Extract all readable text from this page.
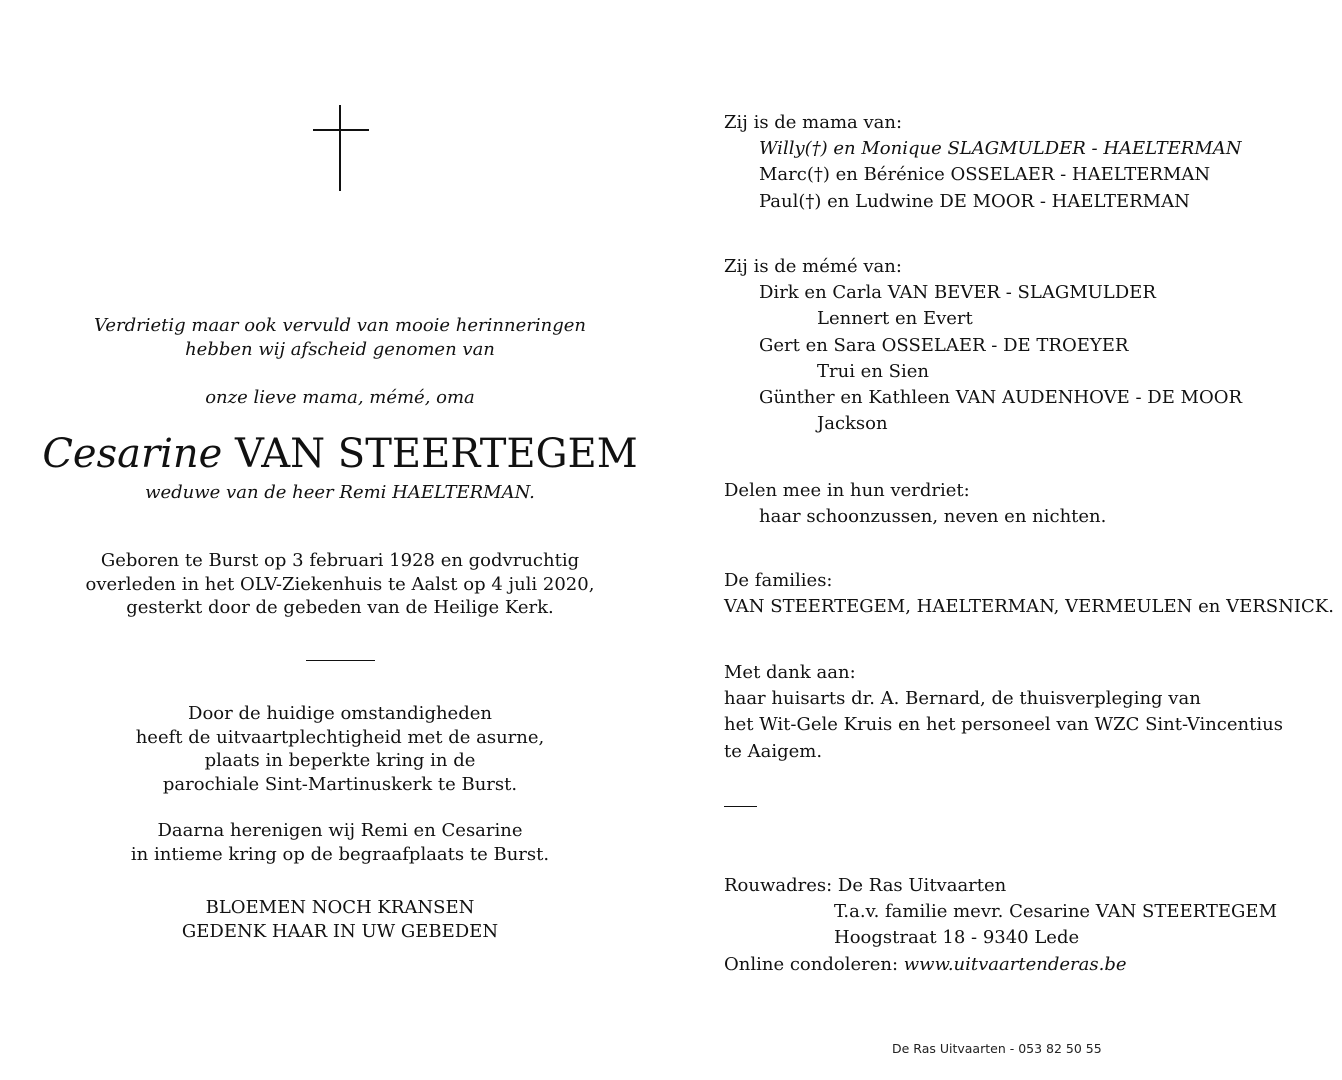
Verdrietig maar ook vervuld van mooie herinneringen
hebben wij afscheid genomen van
onze lieve mama, mémé, oma
Cesarine VAN STEERTEGEM
weduwe van de heer Remi HAELTERMAN.
Geboren te Burst op 3 februari 1928 en godvruchtig
overleden in het OLV-Ziekenhuis te Aalst op 4 juli 2020,
gesterkt door de gebeden van de Heilige Kerk.
Door de huidige omstandigheden
heeft de uitvaartplechtigheid met de asurne,
plaats in beperkte kring in de
parochiale Sint-Martinuskerk te Burst.
Daarna herenigen wij Remi en Cesarine
in intieme kring op de begraafplaats te Burst.
BLOEMEN NOCH KRANSEN
GEDENK HAAR IN UW GEBEDEN
Zij is de mama van:
Willy(†) en Monique SLAGMULDER - HAELTERMAN
Marc(†) en Bérénice OSSELAER - HAELTERMAN
Paul(†) en Ludwine DE MOOR - HAELTERMAN
Zij is de mémé van:
Dirk en Carla VAN BEVER - SLAGMULDER
Lennert en Evert
Gert en Sara OSSELAER - DE TROEYER
Trui en Sien
Günther en Kathleen VAN AUDENHOVE - DE MOOR
Jackson
Delen mee in hun verdriet:
haar schoonzussen, neven en nichten.
De families:
VAN STEERTEGEM, HAELTERMAN, VERMEULEN en VERSNICK.
Met dank aan:
haar huisarts dr. A. Bernard, de thuisverpleging van
het Wit-Gele Kruis en het personeel van WZC Sint-Vincentius
te Aaigem.
Rouwadres: De Ras Uitvaarten
T.a.v. familie mevr. Cesarine VAN STEERTEGEM
Hoogstraat 18 - 9340 Lede
Online condoleren: www.uitvaartenderas.be
De Ras Uitvaarten - 053 82 50 55
